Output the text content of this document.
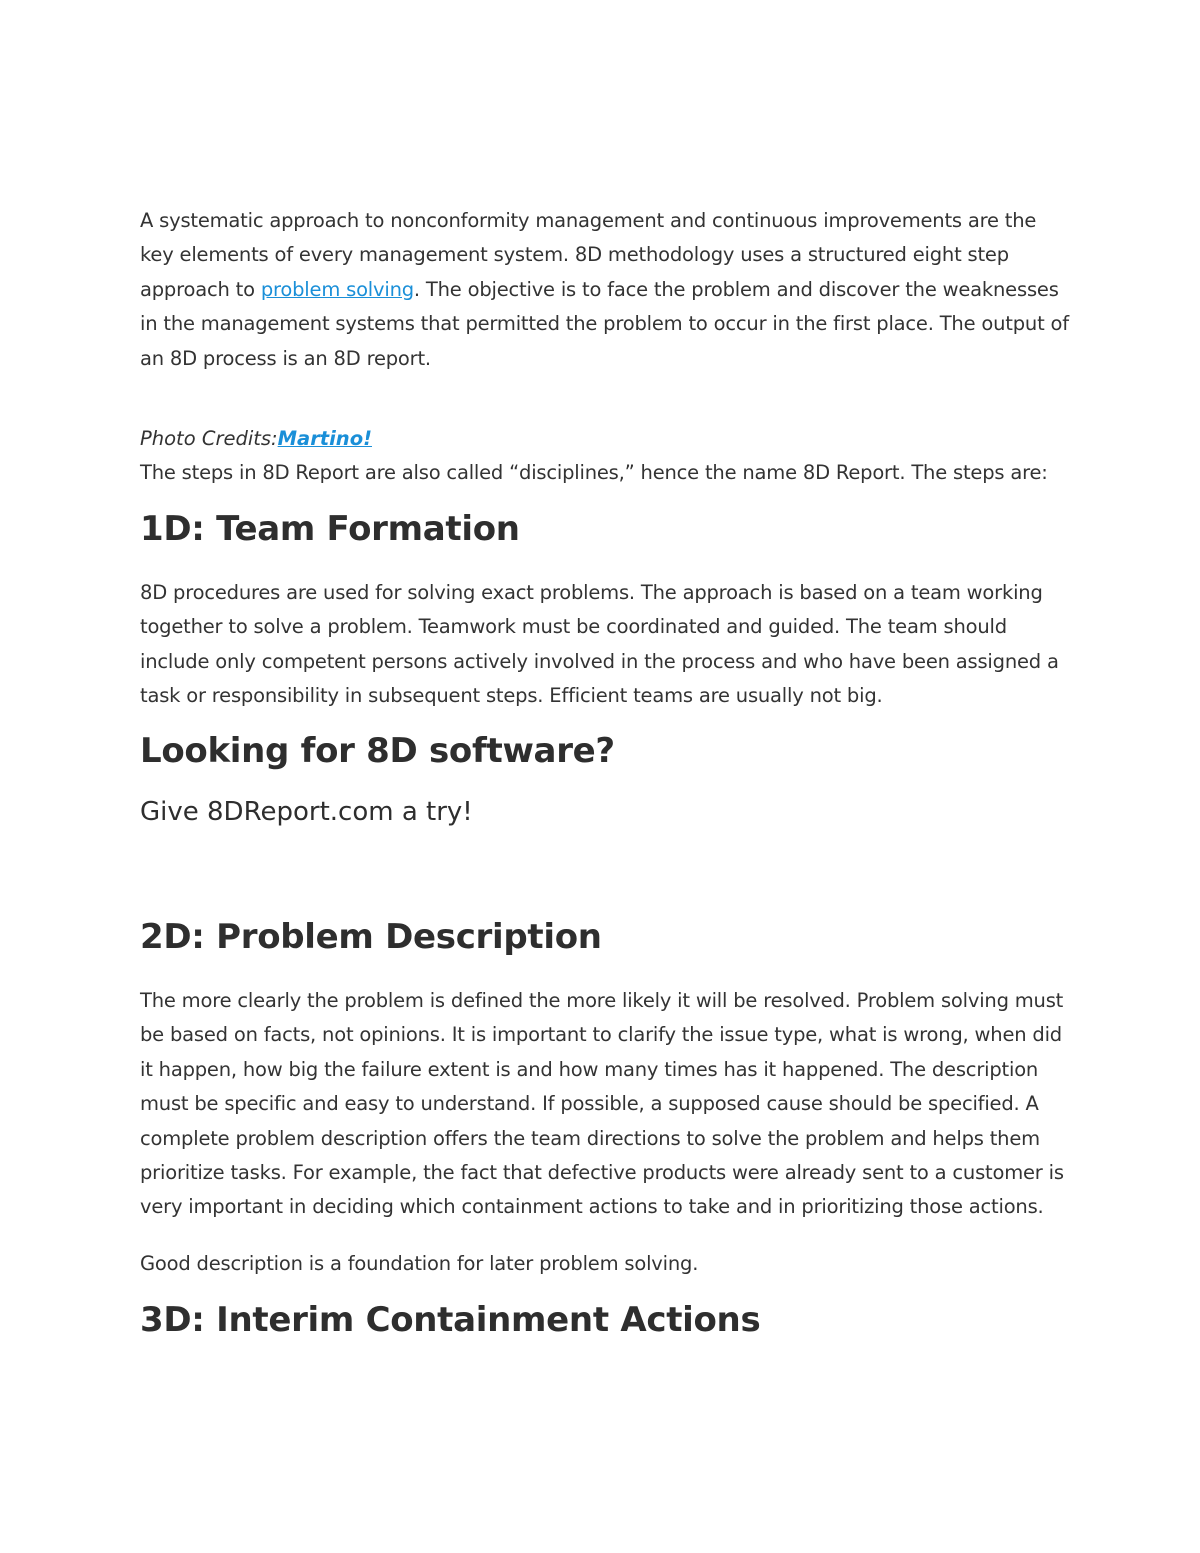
A systematic approach to nonconformity management and continuous improvements are the key elements of every management system. 8D methodology uses a structured eight step approach to problem solving. The objective is to face the problem and discover the weaknesses in the management systems that permitted the problem to occur in the first place. The output of an 8D process is an 8D report.

Photo Credits:Martino!

The steps in 8D Report are also called “disciplines,” hence the name 8D Report. The steps are:

1D: Team Formation

8D procedures are used for solving exact problems. The approach is based on a team working together to solve a problem. Teamwork must be coordinated and guided. The team should include only competent persons actively involved in the process and who have been assigned a task or responsibility in subsequent steps. Efficient teams are usually not big.

Looking for 8D software?
Give 8DReport.com a try!
2D: Problem Description

The more clearly the problem is defined the more likely it will be resolved. Problem solving must be based on facts, not opinions. It is important to clarify the issue type, what is wrong, when did it happen, how big the failure extent is and how many times has it happened. The description must be specific and easy to understand. If possible, a supposed cause should be specified. A complete problem description offers the team directions to solve the problem and helps them prioritize tasks. For example, the fact that defective products were already sent to a customer is very important in deciding which containment actions to take and in prioritizing those actions.

Good description is a foundation for later problem solving.

3D: Interim Containment Actions
